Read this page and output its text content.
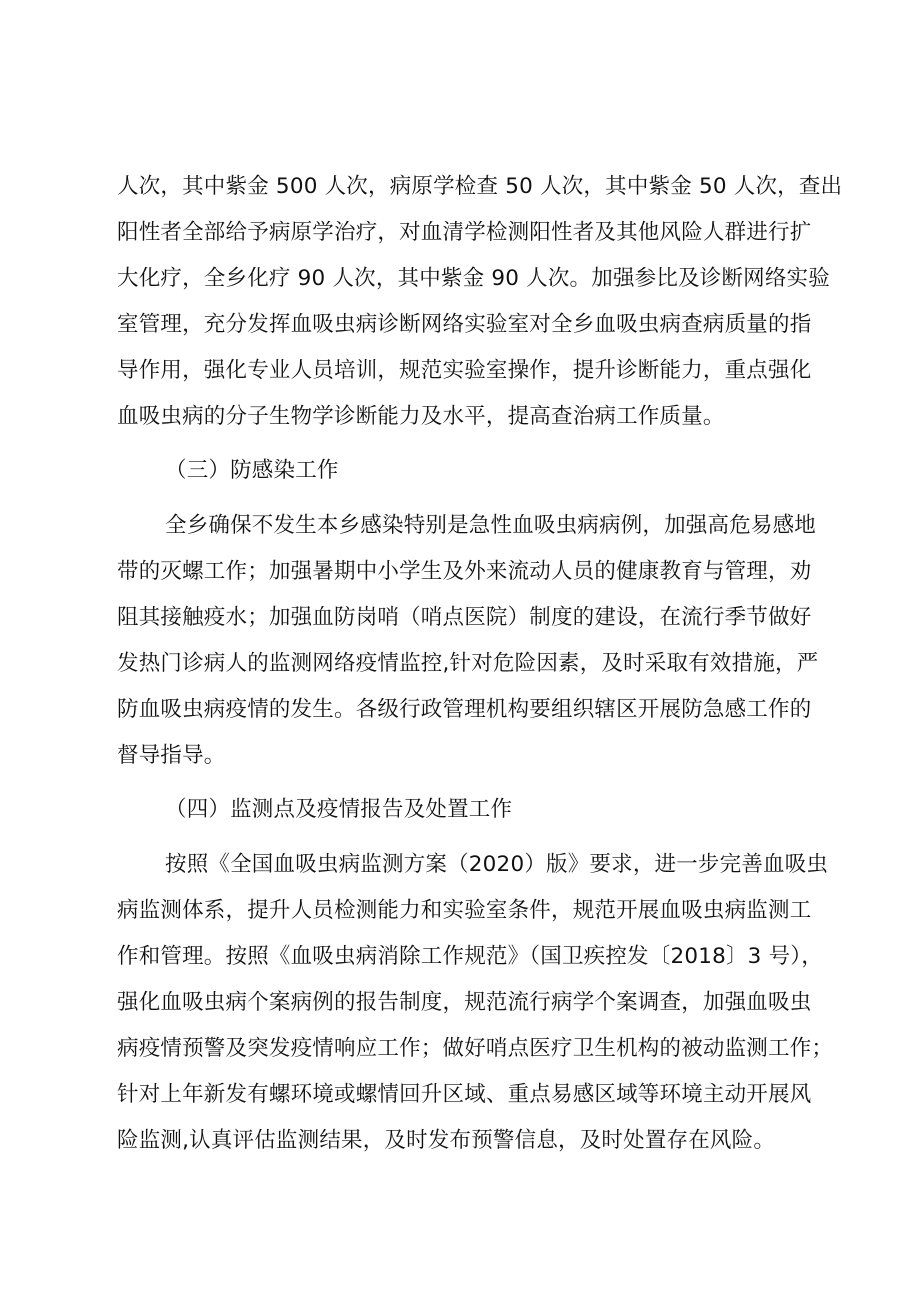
人次，其中紫金 500 人次，病原学检查 50 人次，其中紫金 50 人次，查出
阳性者全部给予病原学治疗，对血清学检测阳性者及其他风险人群进行扩
大化疗，全乡化疗 90 人次，其中紫金 90 人次。加强参比及诊断网络实验
室管理，充分发挥血吸虫病诊断网络实验室对全乡血吸虫病查病质量的指
导作用，强化专业人员培训，规范实验室操作，提升诊断能力，重点强化
血吸虫病的分子生物学诊断能力及水平，提高查治病工作质量。
（三）防感染工作
全乡确保不发生本乡感染特别是急性血吸虫病病例，加强高危易感地
带的灭螺工作；加强暑期中小学生及外来流动人员的健康教育与管理，劝
阻其接触疫水；加强血防岗哨（哨点医院）制度的建设，在流行季节做好
发热门诊病人的监测网络疫情监控,针对危险因素，及时采取有效措施，严
防血吸虫病疫情的发生。各级行政管理机构要组织辖区开展防急感工作的
督导指导。
（四）监测点及疫情报告及处置工作
按照《全国血吸虫病监测方案（2020）版》要求，进一步完善血吸虫
病监测体系，提升人员检测能力和实验室条件，规范开展血吸虫病监测工
作和管理。按照《血吸虫病消除工作规范》（国卫疾控发〔2018〕3 号），
强化血吸虫病个案病例的报告制度，规范流行病学个案调查，加强血吸虫
病疫情预警及突发疫情响应工作；做好哨点医疗卫生机构的被动监测工作；
针对上年新发有螺环境或螺情回升区域、重点易感区域等环境主动开展风
险监测,认真评估监测结果，及时发布预警信息，及时处置存在风险。
